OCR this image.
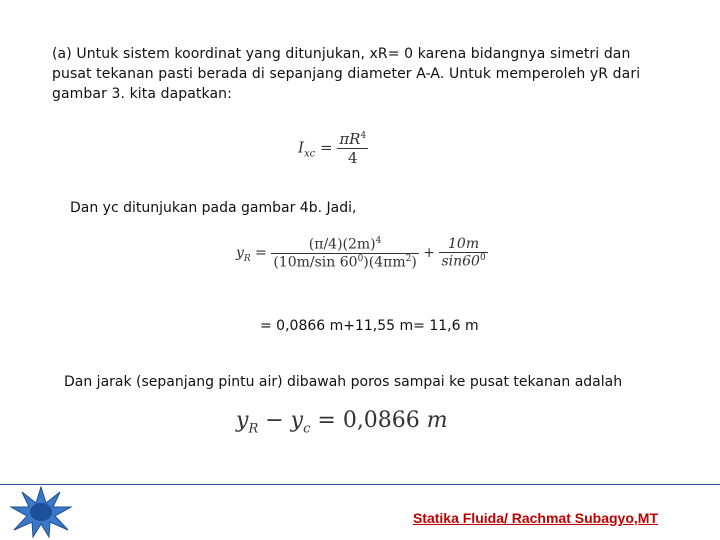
(a) Untuk sistem koordinat yang ditunjukan, xR= 0 karena bidangnya simetri dan pusat tekanan pasti berada di sepanjang diameter A-A. Untuk memperoleh yR dari gambar 3. kita dapatkan:
$I_{xc} = \frac{\pi R^4}{4}$
Dan yc ditunjukan pada gambar 4b. Jadi,
$y_R = \frac{(\pi/4)(2m)^4}{(10m/\sin 60^0)(4\pi m^2)} + \frac{10m}{\sin 60^0}$
= 0,0866 m+11,55 m= 11,6 m
Dan jarak (sepanjang pintu air) dibawah poros sampai ke pusat tekanan adalah
$y_R - y_c = 0,0866$ m
Statika Fluida/ Rachmat Subagyo,MT
